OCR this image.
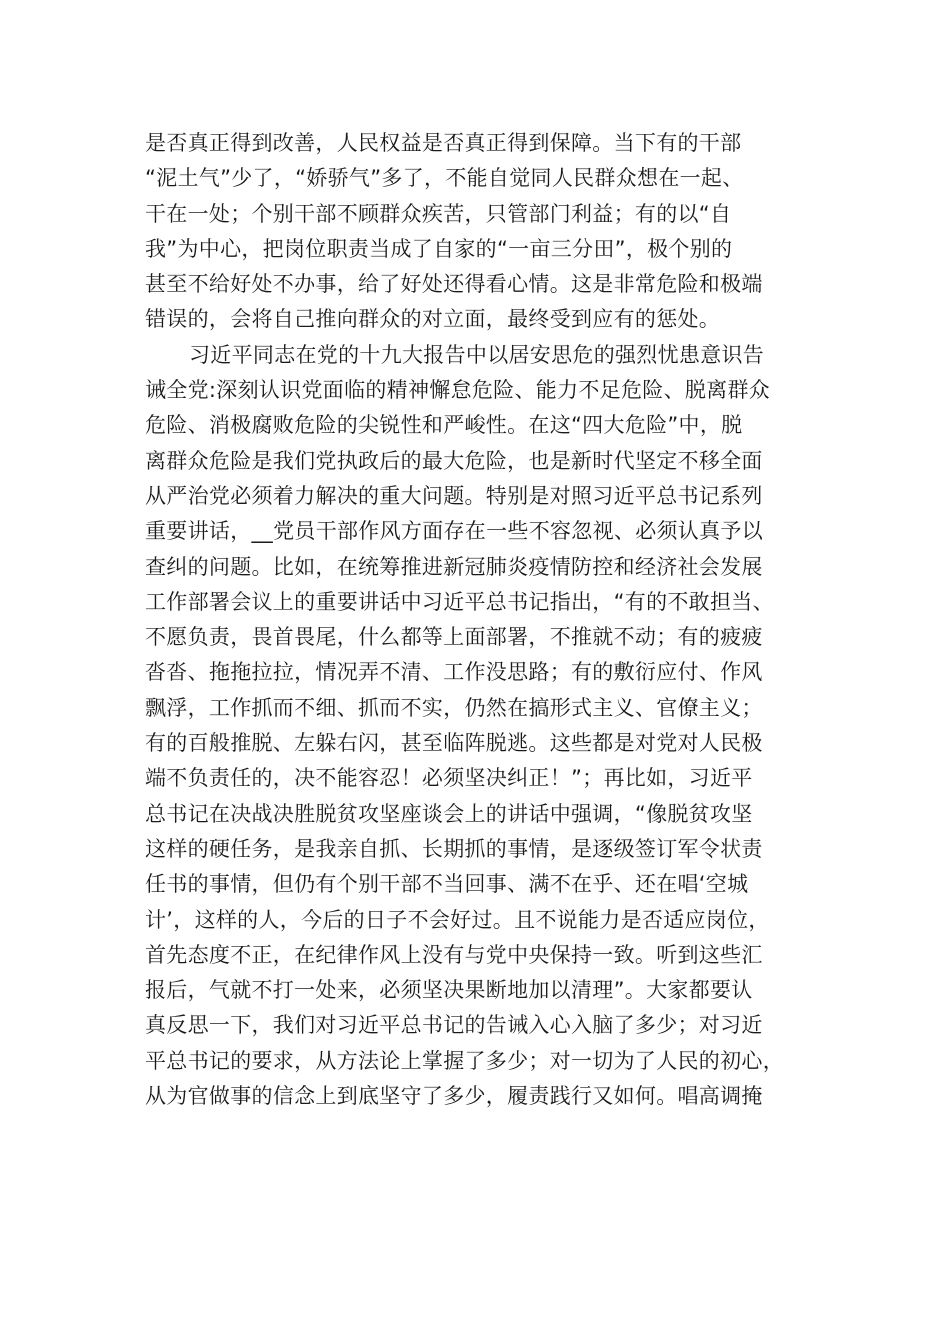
是否真正得到改善，人民权益是否真正得到保障。当下有的干部
“泥土气”少了，“娇骄气”多了，不能自觉同人民群众想在一起、
干在一处；个别干部不顾群众疾苦，只管部门利益；有的以“自
我”为中心，把岗位职责当成了自家的“一亩三分田”，极个别的
甚至不给好处不办事，给了好处还得看心情。这是非常危险和极端
错误的，会将自己推向群众的对立面，最终受到应有的惩处。
习近平同志在党的十九大报告中以居安思危的强烈忧患意识告
诫全党:深刻认识党面临的精神懈怠危险、能力不足危险、脱离群众
危险、消极腐败危险的尖锐性和严峻性。在这“四大危险”中，脱
离群众危险是我们党执政后的最大危险，也是新时代坚定不移全面
从严治党必须着力解决的重大问题。特别是对照习近平总书记系列
重要讲话，__党员干部作风方面存在一些不容忽视、必须认真予以
查纠的问题。比如，在统筹推进新冠肺炎疫情防控和经济社会发展
工作部署会议上的重要讲话中习近平总书记指出，“有的不敢担当、
不愿负责，畏首畏尾，什么都等上面部署，不推就不动；有的疲疲
沓沓、拖拖拉拉，情况弄不清、工作没思路；有的敷衍应付、作风
飘浮，工作抓而不细、抓而不实，仍然在搞形式主义、官僚主义；
有的百般推脱、左躲右闪，甚至临阵脱逃。这些都是对党对人民极
端不负责任的，决不能容忍！必须坚决纠正！”；再比如，习近平
总书记在决战决胜脱贫攻坚座谈会上的讲话中强调，“像脱贫攻坚
这样的硬任务，是我亲自抓、长期抓的事情，是逐级签订军令状责
任书的事情，但仍有个别干部不当回事、满不在乎、还在唱‘空城
计’，这样的人，今后的日子不会好过。且不说能力是否适应岗位，
首先态度不正，在纪律作风上没有与党中央保持一致。听到这些汇
报后，气就不打一处来，必须坚决果断地加以清理”。大家都要认
真反思一下，我们对习近平总书记的告诫入心入脑了多少；对习近
平总书记的要求，从方法论上掌握了多少；对一切为了人民的初心，
从为官做事的信念上到底坚守了多少，履责践行又如何。唱高调掩
